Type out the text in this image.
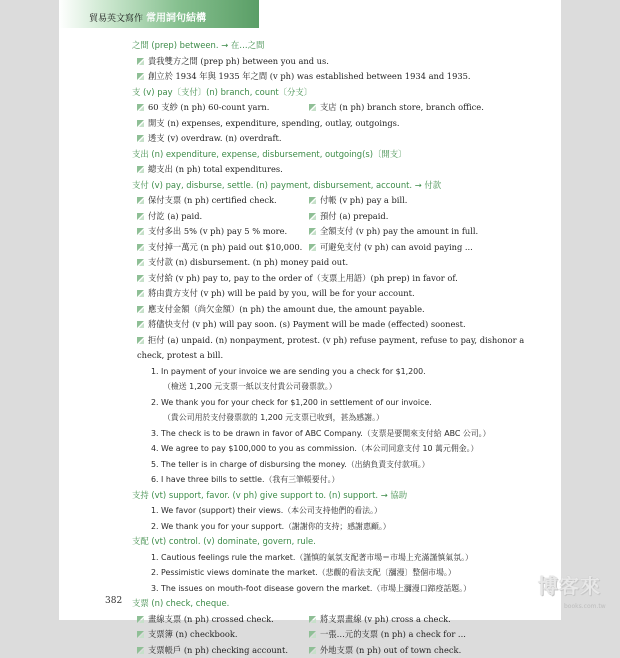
貿易英文寫作 常用詞句結構
之間 (prep) between. → 在…之間
貴我雙方之間 (prep ph) between you and us.
創立於 1934 年與 1935 年之間 (v ph) was established between 1934 and 1935.
支 (v) pay〔支付〕(n) branch, count〔分支〕
60 支紗 (n ph) 60-count yarn.	支店 (n ph) branch store, branch office.
開支 (n) expenses, expenditure, spending, outlay, outgoings.
透支 (v) overdraw. (n) overdraft.
支出 (n) expenditure, expense, disbursement, outgoing(s)〔開支〕
總支出 (n ph) total expenditures.
支付 (v) pay, disburse, settle. (n) payment, disbursement, account. → 付款
保付支票 (n ph) certified check.	付帳 (v ph) pay a bill.
付訖 (a) paid.	預付 (a) prepaid.
支付多出 5% (v ph) pay 5 % more.	全額支付 (v ph) pay the amount in full.
支付掉一萬元 (n ph) paid out $10,000. 可避免支付 (v ph) can avoid paying ...
支付款 (n) disbursement. (n ph) money paid out.
支付給 (v ph) pay to, pay to the order of（支票上用語）(ph prep) in favor of.
將由貴方支付 (v ph) will be paid by you, will be for your account.
應支付金額（尚欠金額）(n ph) the amount due, the amount payable.
將儘快支付 (v ph) will pay soon. (s) Payment will be made (effected) soonest.
拒付 (a) unpaid. (n) nonpayment, protest. (v ph) refuse payment, refuse to pay, dishonor a
check, protest a bill.
1. In payment of your invoice we are sending you a check for $1,200.
（檢送 1,200 元支票一紙以支付貴公司發票款。）
2. We thank you for your check for $1,200 in settlement of our invoice.
（貴公司用於支付發票款的 1,200 元支票已收到，甚為感謝。）
3. The check is to be drawn in favor of ABC Company.（支票是要開來支付給 ABC 公司。）
4. We agree to pay $100,000 to you as commission.（本公司同意支付 10 萬元佣金。）
5. The teller is in charge of disbursing the money.（出納負責支付款項。）
6. I have three bills to settle.（我有三筆帳要付。）
支持 (vt) support, favor. (v ph) give support to. (n) support. → 協助
1. We favor (support) their views.（本公司支持他們的看法。）
2. We thank you for your support.（謝謝你的支持；感謝惠顧。）
支配 (vt) control. (v) dominate, govern, rule.
1. Cautious feelings rule the market.（謹慎的氣氛支配著市場＝市場上充滿謹慎氣氛。）
2. Pessimistic views dominate the market.（悲觀的看法支配〔瀰漫〕整個市場。）
3. The issues on mouth-foot disease govern the market.（市場上瀰漫口蹄疫話題。）
支票 (n) check, cheque.
畫線支票 (n ph) crossed check.	將支票畫線 (v ph) cross a check.
支票簿 (n) checkbook.	一張…元的支票 (n ph) a check for ...
支票帳戶 (n ph) checking account.	外地支票 (n ph) out of town check.
382
博客來
books.com.tw
